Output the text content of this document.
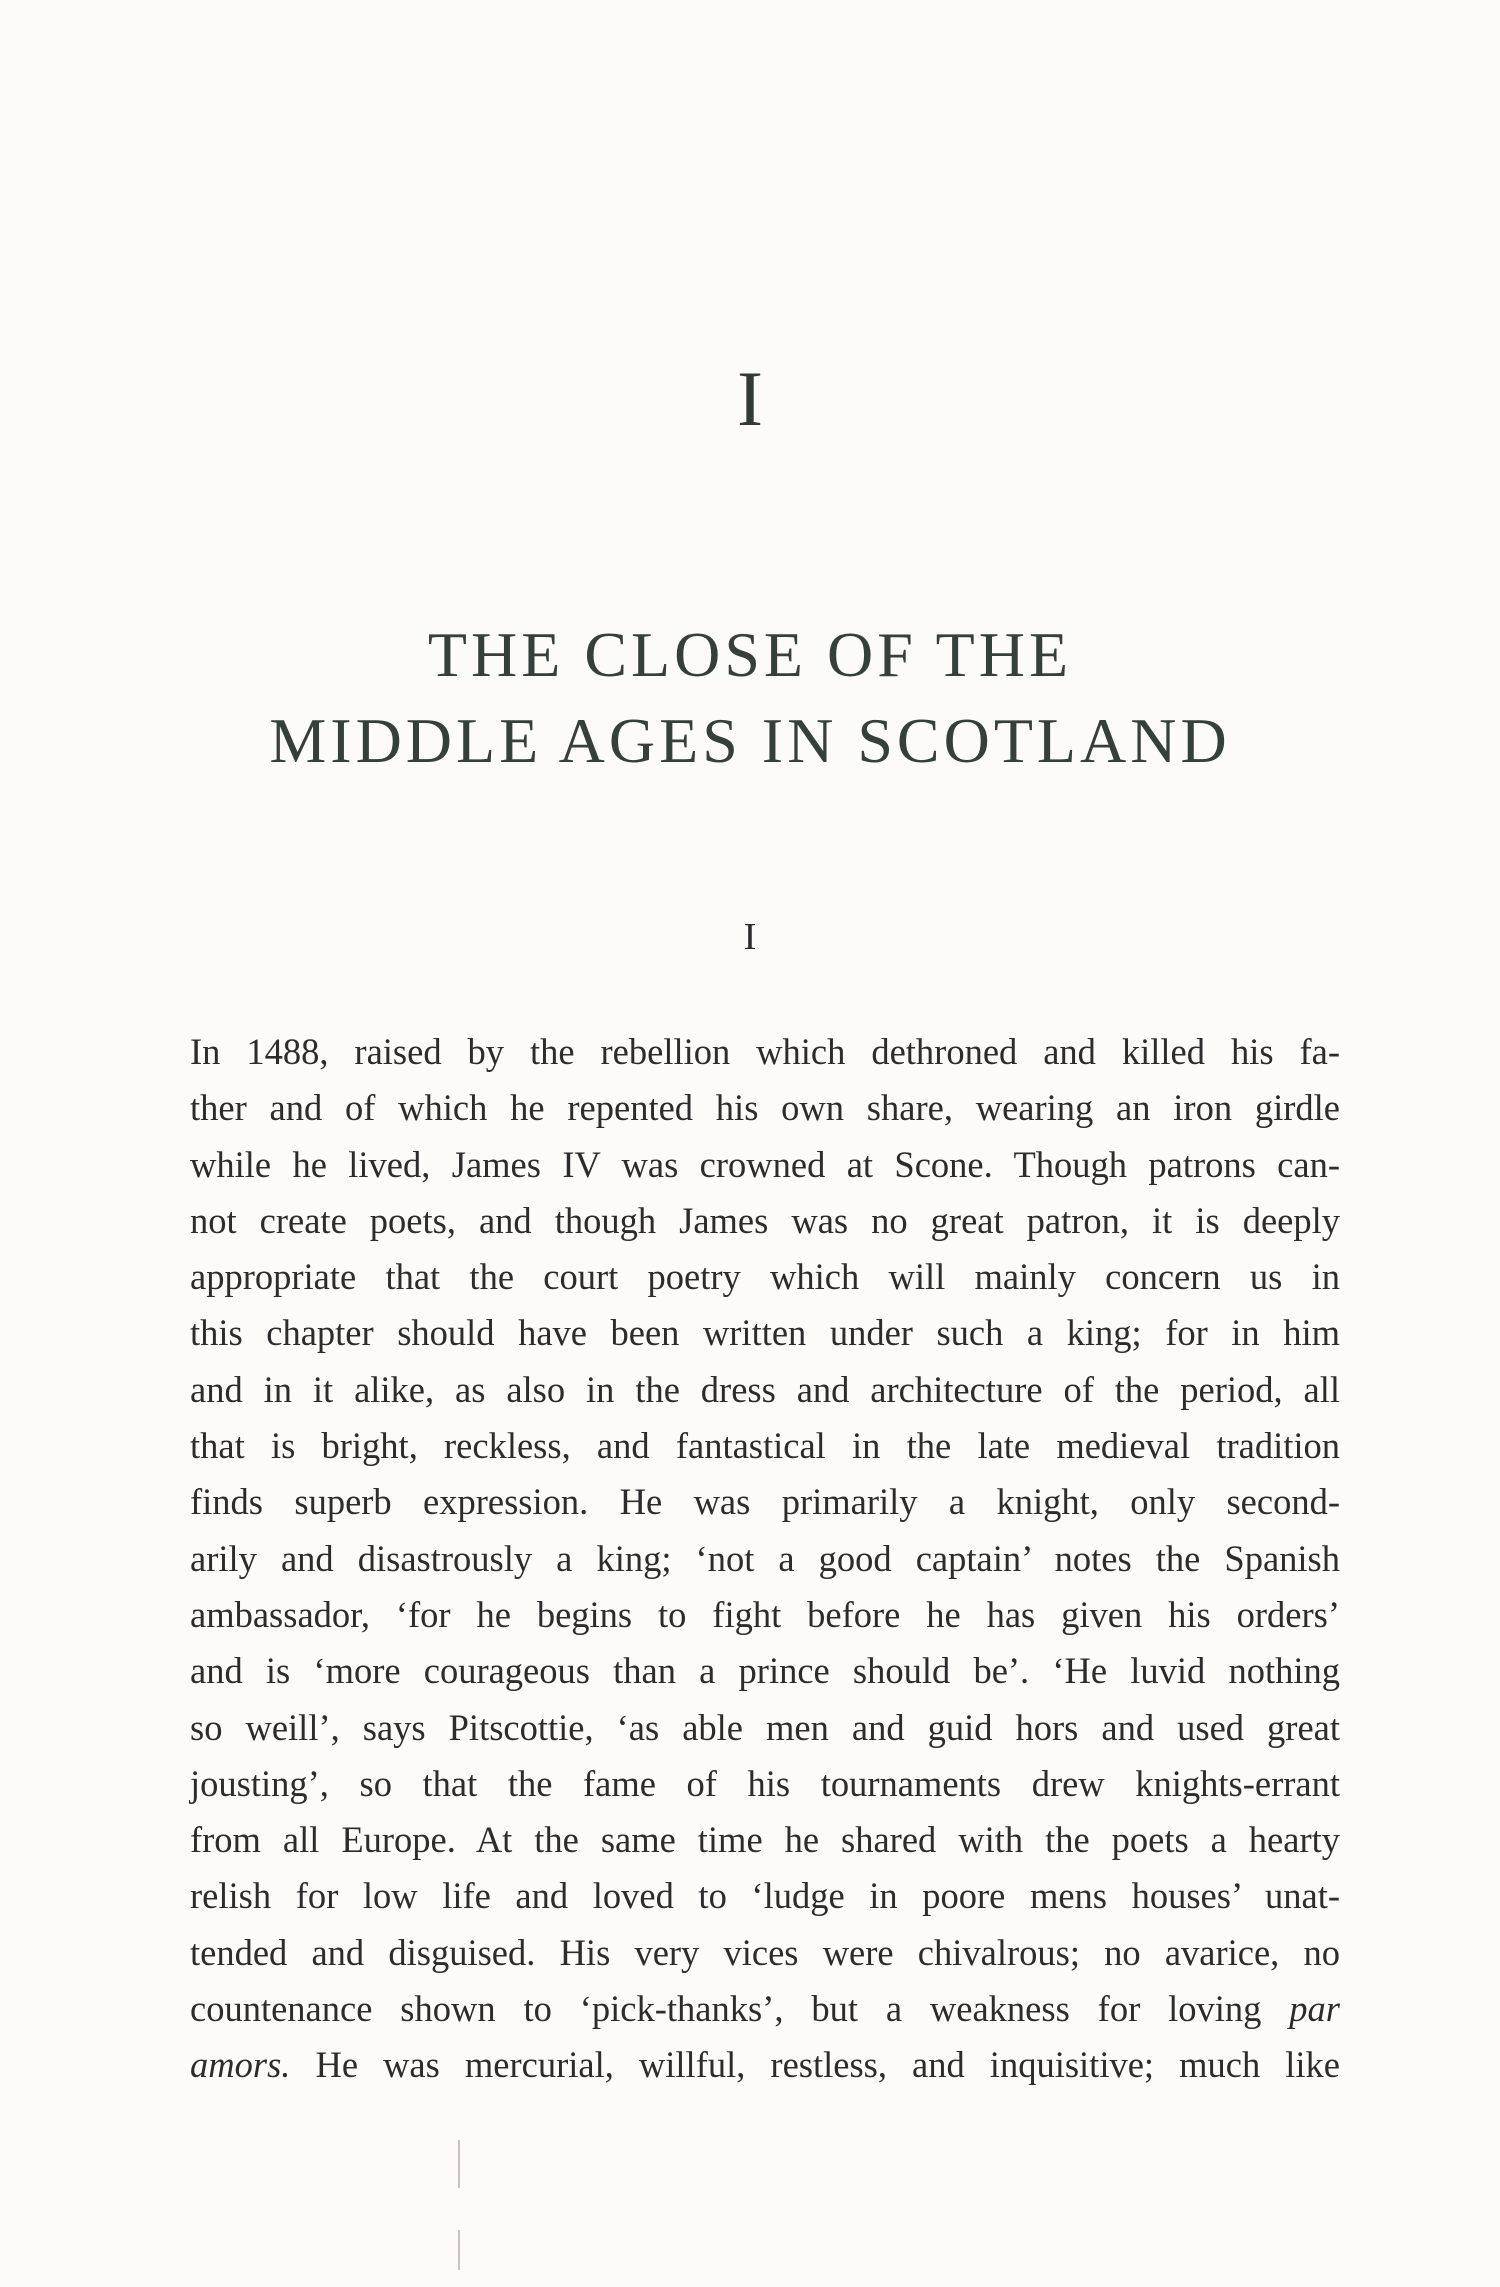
I
THE CLOSE OF THE
MIDDLE AGES IN SCOTLAND
I
In 1488, raised by the rebellion which dethroned and killed his fa-
ther and of which he repented his own share, wearing an iron girdle
while he lived, James IV was crowned at Scone. Though patrons can-
not create poets, and though James was no great patron, it is deeply
appropriate that the court poetry which will mainly concern us in
this chapter should have been written under such a king; for in him
and in it alike, as also in the dress and architecture of the period, all
that is bright, reckless, and fantastical in the late medieval tradition
finds superb expression. He was primarily a knight, only second-
arily and disastrously a king; ‘not a good captain’ notes the Spanish
ambassador, ‘for he begins to fight before he has given his orders’
and is ‘more courageous than a prince should be’. ‘He luvid nothing
so weill’, says Pitscottie, ‘as able men and guid hors and used great
jousting’, so that the fame of his tournaments drew knights-errant
from all Europe. At the same time he shared with the poets a hearty
relish for low life and loved to ‘ludge in poore mens houses’ unat-
tended and disguised. His very vices were chivalrous; no avarice, no
countenance shown to ‘pick-thanks’, but a weakness for loving par
amors. He was mercurial, willful, restless, and inquisitive; much like
